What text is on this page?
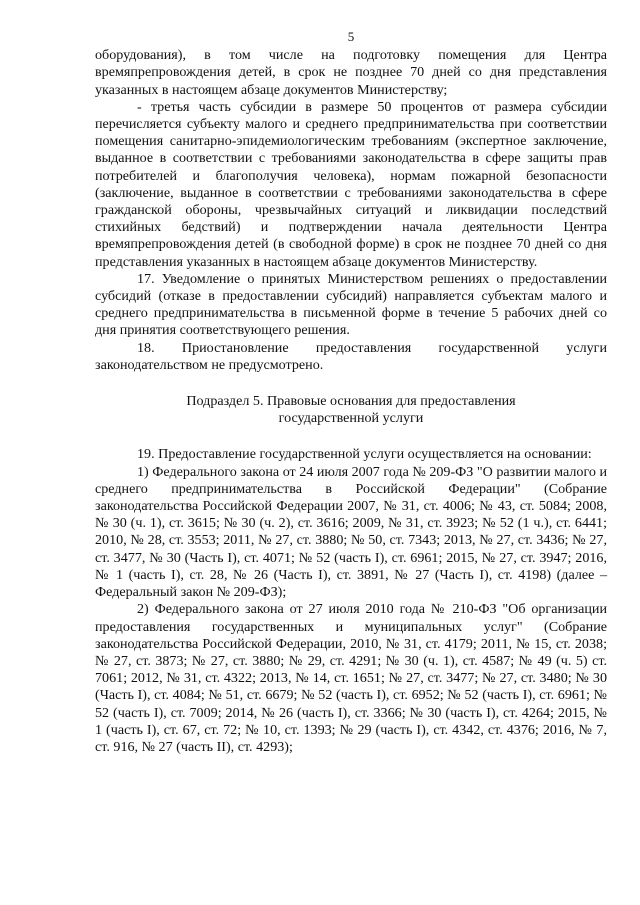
5

оборудования), в том числе на подготовку помещения для Центра времяпрепровождения детей, в срок не позднее 70 дней со дня представления указанных в настоящем абзаце документов Министерству;

- третья часть субсидии в размере 50 процентов от размера субсидии перечисляется субъекту малого и среднего предпринимательства при соответствии помещения санитарно-эпидемиологическим требованиям (экспертное заключение, выданное в соответствии с требованиями законодательства в сфере защиты прав потребителей и благополучия человека), нормам пожарной безопасности (заключение, выданное в соответствии с требованиями законодательства в сфере гражданской обороны, чрезвычайных ситуаций и ликвидации последствий стихийных бедствий) и подтверждении начала деятельности Центра времяпрепровождения детей (в свободной форме) в срок не позднее 70 дней со дня представления указанных в настоящем абзаце документов Министерству.

17. Уведомление о принятых Министерством решениях о предоставлении субсидий (отказе в предоставлении субсидий) направляется субъектам малого и среднего предпринимательства в письменной форме в течение 5 рабочих дней со дня принятия соответствующего решения.

18. Приостановление предоставления государственной услуги законодательством не предусмотрено.

Подраздел 5. Правовые основания для предоставления
государственной услуги

19. Предоставление государственной услуги осуществляется на основании:

1) Федерального закона от 24 июля 2007 года № 209-ФЗ "О развитии малого и среднего предпринимательства в Российской Федерации" (Собрание законодательства Российской Федерации 2007, № 31, ст. 4006; № 43, ст. 5084; 2008, № 30 (ч. 1), ст. 3615; № 30 (ч. 2), ст. 3616; 2009, № 31, ст. 3923; № 52 (1 ч.), ст. 6441; 2010, № 28, ст. 3553; 2011, № 27, ст. 3880; № 50, ст. 7343; 2013, № 27, ст. 3436; № 27, ст. 3477, № 30 (Часть I), ст. 4071; № 52 (часть I), ст. 6961; 2015, № 27, ст. 3947; 2016, № 1 (часть I), ст. 28, № 26 (Часть I), ст. 3891, № 27 (Часть I), ст. 4198) (далее – Федеральный закон № 209-ФЗ);

2) Федерального закона от 27 июля 2010 года № 210-ФЗ "Об организации предоставления государственных и муниципальных услуг" (Собрание законодательства Российской Федерации, 2010, № 31, ст. 4179; 2011, № 15, ст. 2038; № 27, ст. 3873; № 27, ст. 3880; № 29, ст. 4291; № 30 (ч. 1), ст. 4587; № 49 (ч. 5) ст. 7061; 2012, № 31, ст. 4322; 2013, № 14, ст. 1651; № 27, ст. 3477; № 27, ст. 3480; № 30 (Часть I), ст. 4084; № 51, ст. 6679; № 52 (часть I), ст. 6952; № 52 (часть I), ст. 6961; № 52 (часть I), ст. 7009; 2014, № 26 (часть I), ст. 3366; № 30 (часть I), ст. 4264; 2015, № 1 (часть I), ст. 67, ст. 72; № 10, ст. 1393; № 29 (часть I), ст. 4342, ст. 4376; 2016, № 7, ст. 916, № 27 (часть II), ст. 4293);
